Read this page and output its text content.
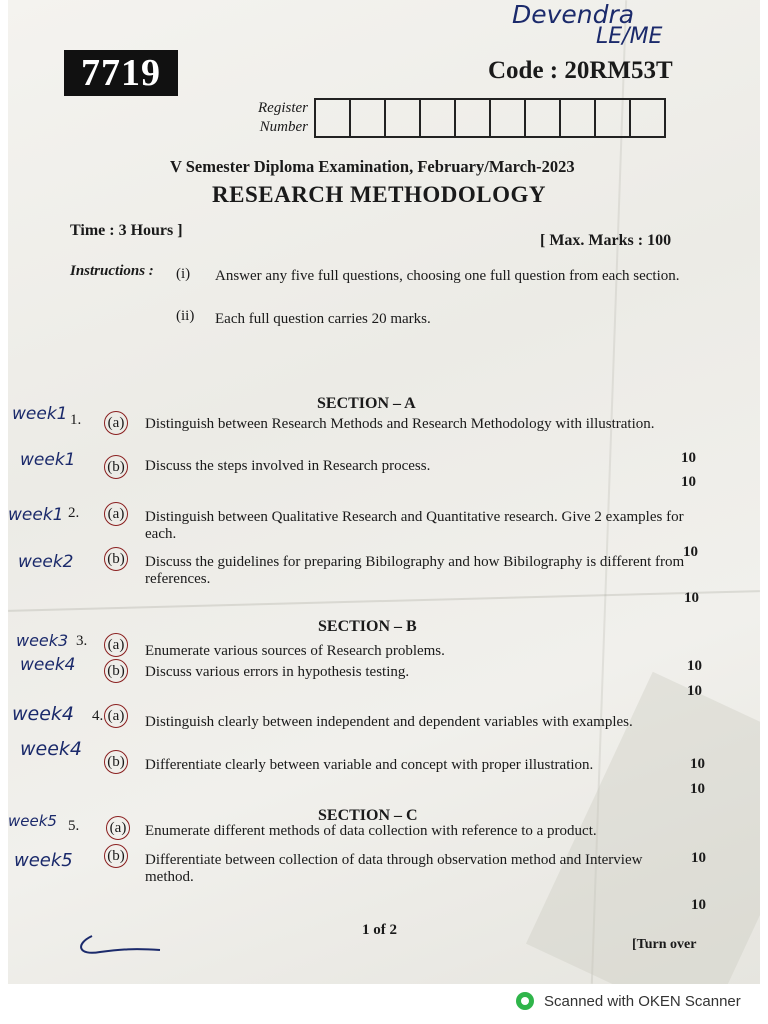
Devendra
LE/ME
7719	Code : 20RM53T
Register
Number
V Semester Diploma Examination, February/March-2023
RESEARCH METHODOLOGY
Time : 3 Hours ]
[ Max. Marks : 100
Instructions : (i) Answer any five full questions, choosing one full question from each section.
(ii) Each full question carries 20 marks.
SECTION – A
week1 1. (a) Distinguish between Research Methods and Research Methodology with illustration.
10
week1 (b) Discuss the steps involved in Research process.
10
week1 2. (a) Distinguish between Qualitative Research and Quantitative research. Give 2 examples for each.
10
week2 (b) Discuss the guidelines for preparing Bibilography and how Bibilography is different from references.
10
SECTION – B
week3 3. (a) Enumerate various sources of Research problems.
10
week4 (b) Discuss various errors in hypothesis testing.
10
week4 4. (a) Distinguish clearly between independent and dependent variables with examples.
week4
(b)	10
Differentiate clearly between variable and concept with proper illustration.
10
SECTION – C
week5 5. (a) Enumerate different methods of data collection with reference to a product.
10
week5 (b) Differentiate between collection of data through observation method and Interview method.
10
1 of 2
[Turn over
Scanned with OKEN Scanner
